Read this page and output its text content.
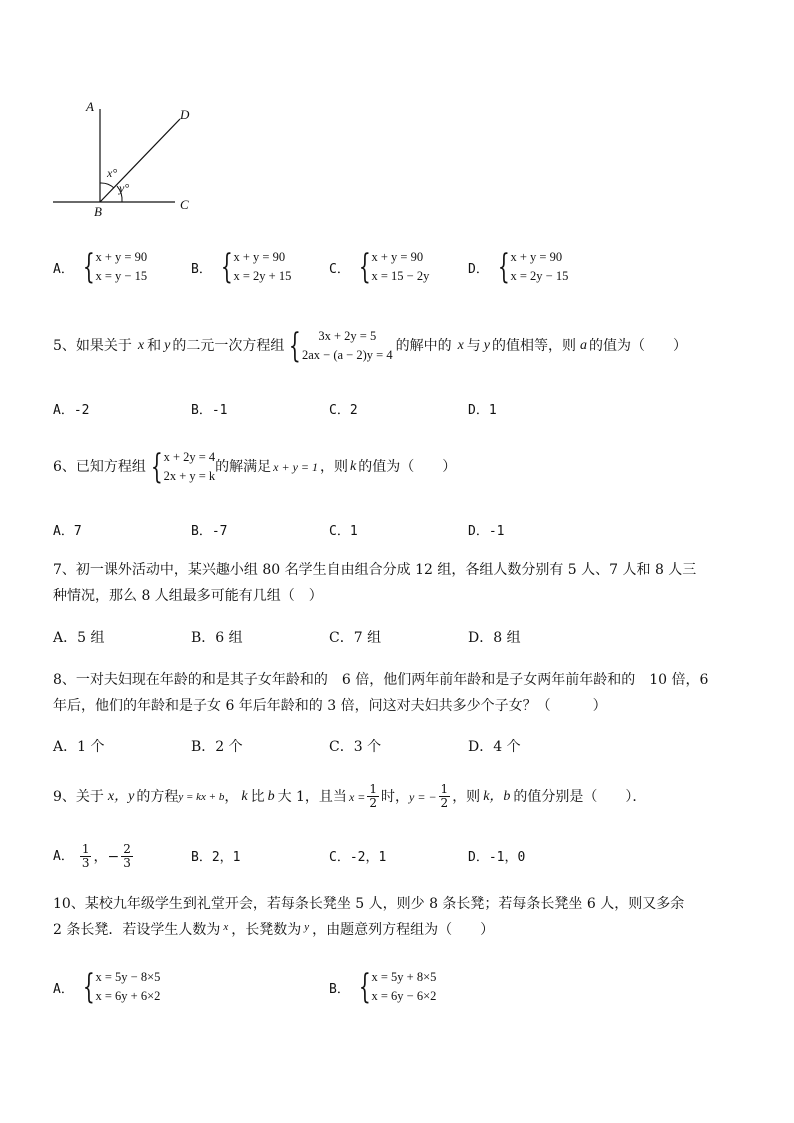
A
D
x°
y°
B	C
A． { x + y = 90
x = y − 15	B． { x + y = 90
x = 2y + 15	C． { x + y = 90
x = 15 − 2y	D． { x + y = 90
x = 2y − 15
5、如果关于 x 和 y 的二元一次方程组 { 3x + 2y = 5
2ax − (a − 2)y = 4
的解中的 x 与 y 的值相等，则 a 的值为（　　）
A．-2	B．-1	C．2	D．1
6、已知方程组 { x + 2y = 4
2x + y = k
的解满足 x + y = 1 ，则 k 的值为（　　）
A．7	B．-7	C．1	D．-1
7、初一课外活动中，某兴趣小组 80 名学生自由组合分成 12 组，各组人数分别有 5 人、7 人和 8 人三
种情况，那么 8 人组最多可能有几组（　）
A．5 组	B．6 组	C．7 组	D．8 组
8、一对夫妇现在年龄的和是其子女年龄和的　6 倍，他们两年前年龄和是子女两年前年龄和的　10 倍，6
年后，他们的年龄和是子女 6 年后年龄和的 3 倍，问这对夫妇共多少个子女？（　　　）
A．1 个	B．2 个	C．3 个	D．4 个
9、关于 x，y 的方程 y = kx + b ， k 比 b 大 1，且当 $x = \frac{1}{2}$ 时， y = − $\frac{1}{2}$ ，则 k，b 的值分别是（　　）．
A． $\frac{1}{3}$ ，− $\frac{2}{3}$	B．2，1	C．-2，1	D．-1，0
10、某校九年级学生到礼堂开会，若每条长凳坐 5 人，则少 8 条长凳；若每条长凳坐 6 人，则又多余
2 条长凳．若设学生人数为 x ，长凳数为 y ，由题意列方程组为（　　）
A． { x = 5y − 8×5
x = 6y + 6×2	B． { x = 5y + 8×5
x = 6y − 6×2
